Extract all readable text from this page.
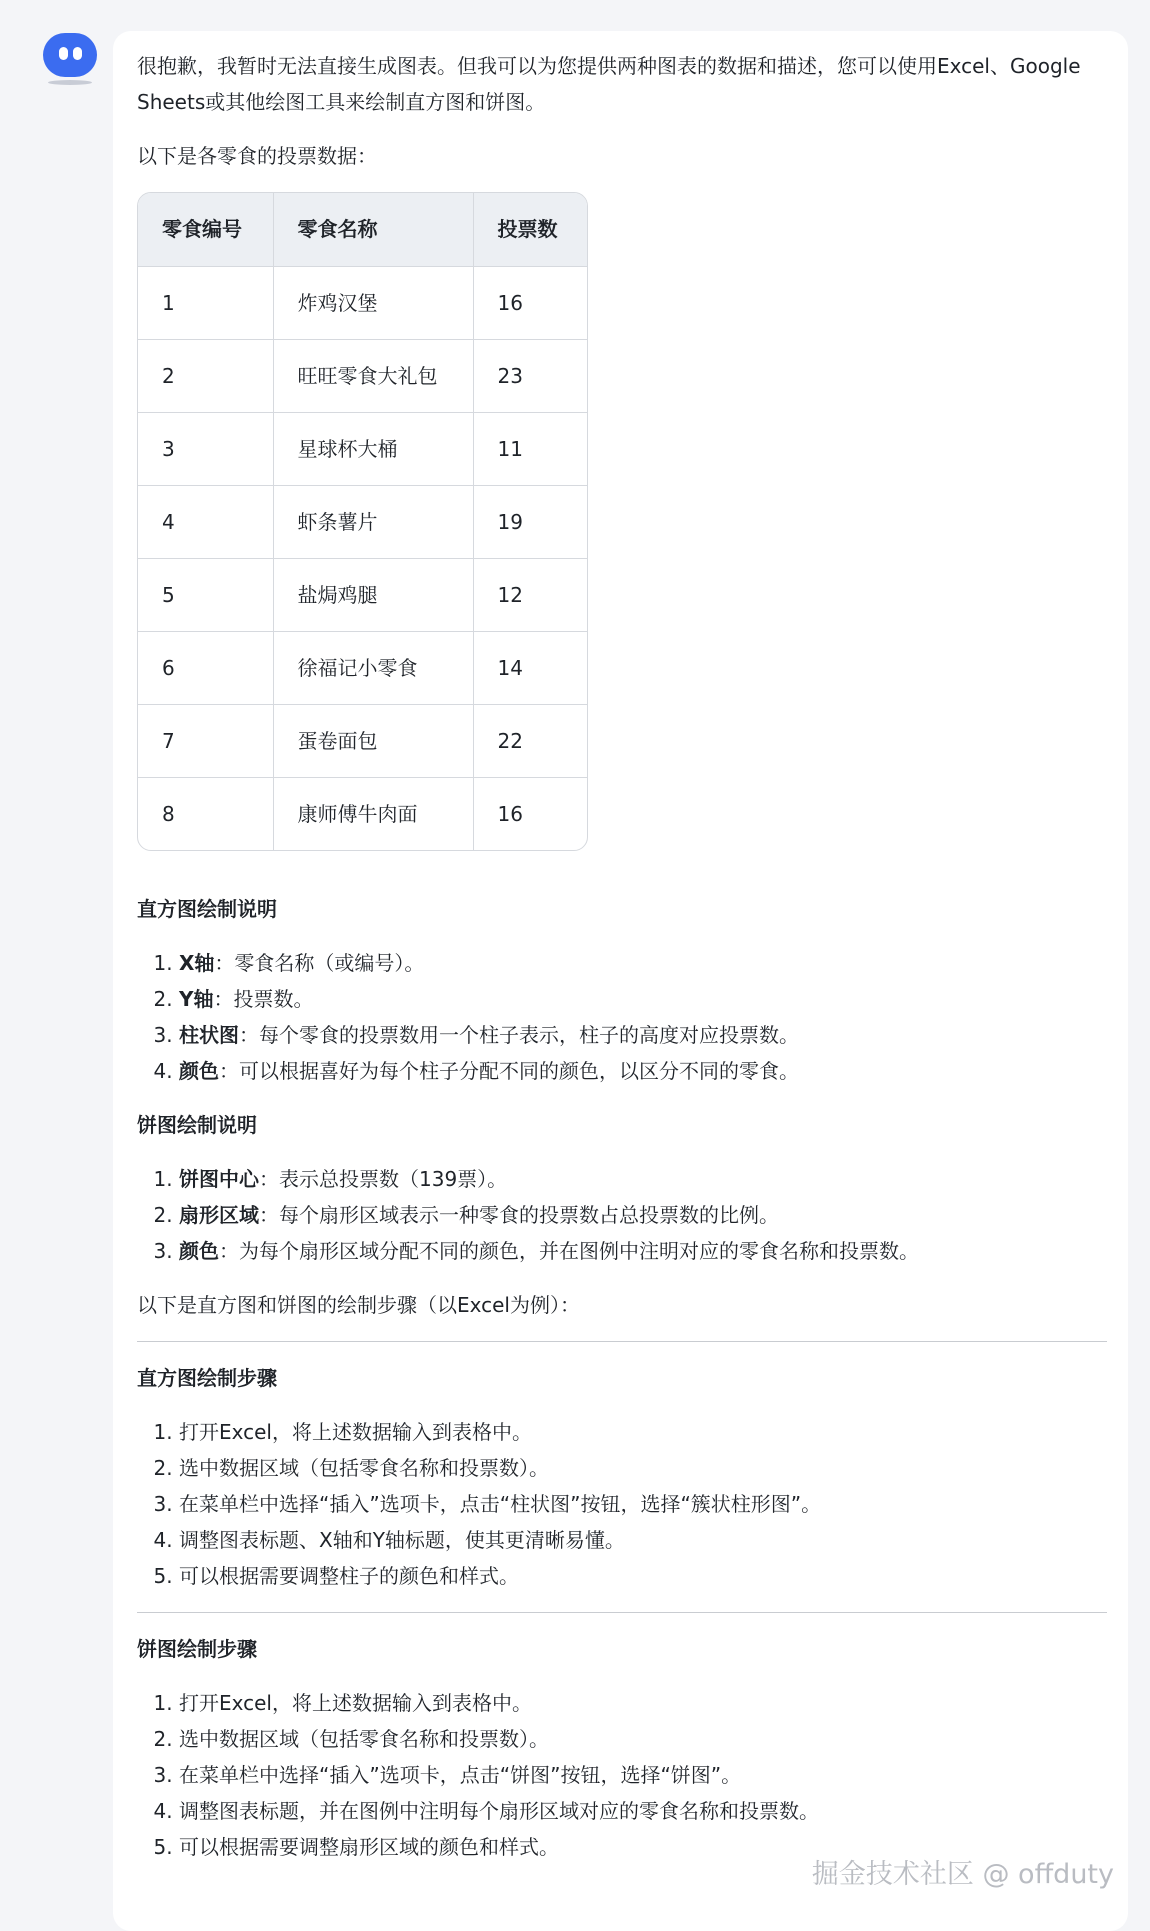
很抱歉，我暂时无法直接生成图表。但我可以为您提供两种图表的数据和描述，您可以使用Excel、Google Sheets或其他绘图工具来绘制直方图和饼图。

以下是各零食的投票数据：

零食编号	零食名称	投票数
1	炸鸡汉堡	16
2	旺旺零食大礼包	23
3	星球杯大桶	11
4	虾条薯片	19
5	盐焗鸡腿	12
6	徐福记小零食	14
7	蛋卷面包	22
8	康师傅牛肉面	16
直方图绘制说明
1. X轴：零食名称（或编号）。
2. Y轴：投票数。
3. 柱状图：每个零食的投票数用一个柱子表示，柱子的高度对应投票数。
4. 颜色：可以根据喜好为每个柱子分配不同的颜色，以区分不同的零食。
饼图绘制说明
1. 饼图中心：表示总投票数（139票）。
2. 扇形区域：每个扇形区域表示一种零食的投票数占总投票数的比例。
3. 颜色：为每个扇形区域分配不同的颜色，并在图例中注明对应的零食名称和投票数。

以下是直方图和饼图的绘制步骤（以Excel为例）：

直方图绘制步骤
1. 打开Excel，将上述数据输入到表格中。
2. 选中数据区域（包括零食名称和投票数）。
3. 在菜单栏中选择“插入”选项卡，点击“柱状图”按钮，选择“簇状柱形图”。
4. 调整图表标题、X轴和Y轴标题，使其更清晰易懂。
5. 可以根据需要调整柱子的颜色和样式。
饼图绘制步骤
1. 打开Excel，将上述数据输入到表格中。
2. 选中数据区域（包括零食名称和投票数）。
3. 在菜单栏中选择“插入”选项卡，点击“饼图”按钮，选择“饼图”。
4. 调整图表标题，并在图例中注明每个扇形区域对应的零食名称和投票数。
5. 可以根据需要调整扇形区域的颜色和样式。
掘金技术社区 @ offduty
